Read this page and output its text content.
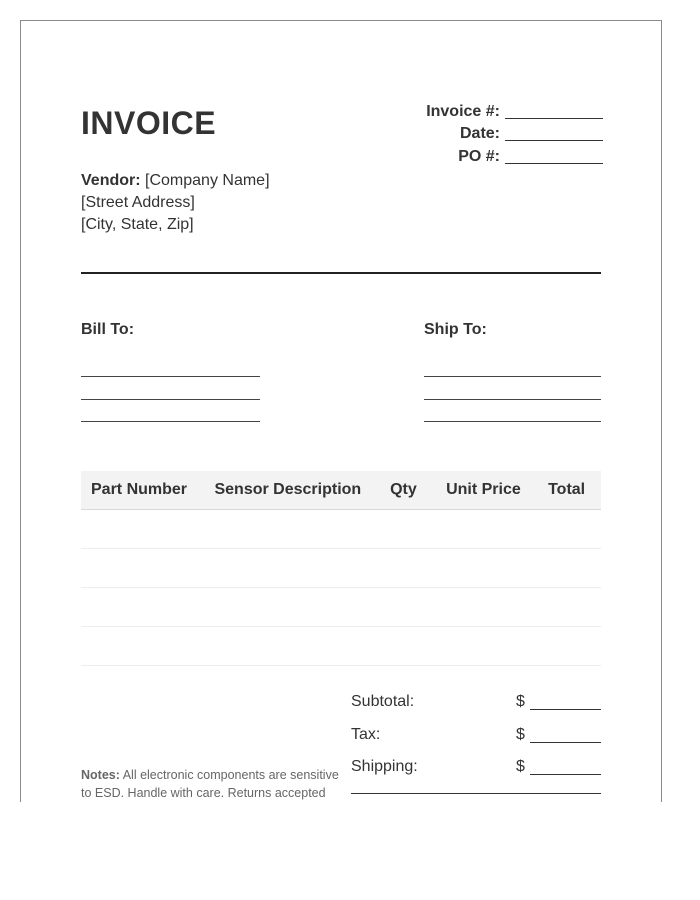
INVOICE	Invoice #:
Date:
PO #:
Vendor: [Company Name]
[Street Address]
[City, State, Zip]
Bill To:	Ship To:
Part Number	Sensor Description	Qty	Unit Price	Total
Subtotal:	$
Tax:	$
Shipping:	$
Notes: All electronic components are sensitive to ESD. Handle with care. Returns accepted
